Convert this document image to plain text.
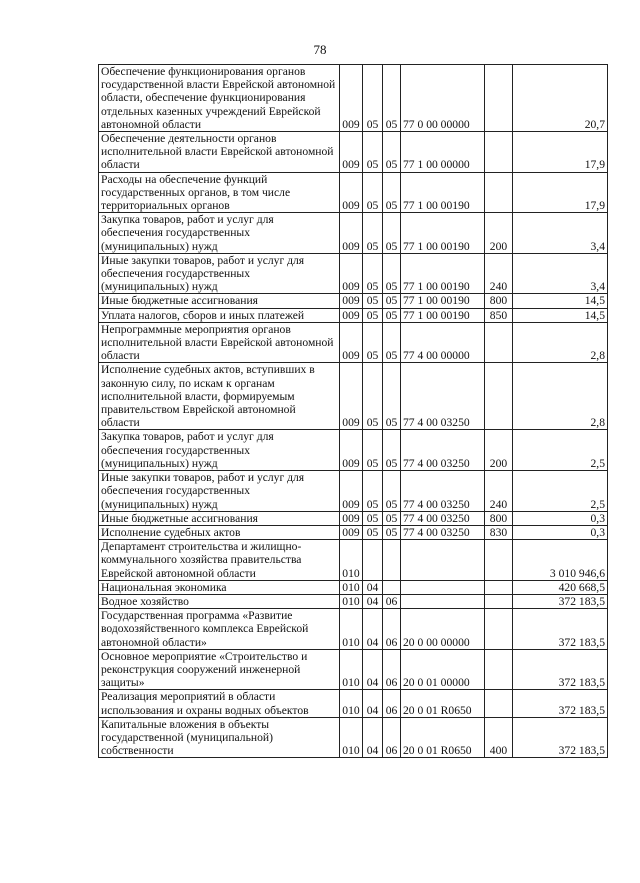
78
Обеспечение функционирования органов государственной власти Еврейской автономной области, обеспечение функционирования отдельных казенных учреждений Еврейской автономной области	009	05	05	77 0 00 00000		20,7
Обеспечение деятельности органов исполнительной власти Еврейской автономной области	009	05	05	77 1 00 00000		17,9
Расходы на обеспечение функций государственных органов, в том числе территориальных органов	009	05	05	77 1 00 00190		17,9
Закупка товаров, работ и услуг для обеспечения государственных (муниципальных) нужд	009	05	05	77 1 00 00190	200	3,4
Иные закупки товаров, работ и услуг для обеспечения государственных (муниципальных) нужд	009	05	05	77 1 00 00190	240	3,4
Иные бюджетные ассигнования	009	05	05	77 1 00 00190	800	14,5
Уплата налогов, сборов и иных платежей	009	05	05	77 1 00 00190	850	14,5
Непрограммные мероприятия органов исполнительной власти Еврейской автономной области	009	05	05	77 4 00 00000		2,8
Исполнение судебных актов, вступивших в законную силу, по искам к органам исполнительной власти, формируемым правительством Еврейской автономной области	009	05	05	77 4 00 03250		2,8
Закупка товаров, работ и услуг для обеспечения государственных (муниципальных) нужд	009	05	05	77 4 00 03250	200	2,5
Иные закупки товаров, работ и услуг для обеспечения государственных (муниципальных) нужд	009	05	05	77 4 00 03250	240	2,5
Иные бюджетные ассигнования	009	05	05	77 4 00 03250	800	0,3
Исполнение судебных актов	009	05	05	77 4 00 03250	830	0,3
Департамент строительства и жилищно-коммунального хозяйства правительства Еврейской автономной области	010					3 010 946,6
Национальная экономика	010	04				420 668,5
Водное хозяйство	010	04	06			372 183,5
Государственная программа «Развитие водохозяйственного комплекса Еврейской автономной области»	010	04	06	20 0 00 00000		372 183,5
Основное мероприятие «Строительство и реконструкция сооружений инженерной защиты»	010	04	06	20 0 01 00000		372 183,5
Реализация мероприятий в области использования и охраны водных объектов	010	04	06	20 0 01 R0650		372 183,5
Капитальные вложения в объекты государственной (муниципальной) собственности	010	04	06	20 0 01 R0650	400	372 183,5
